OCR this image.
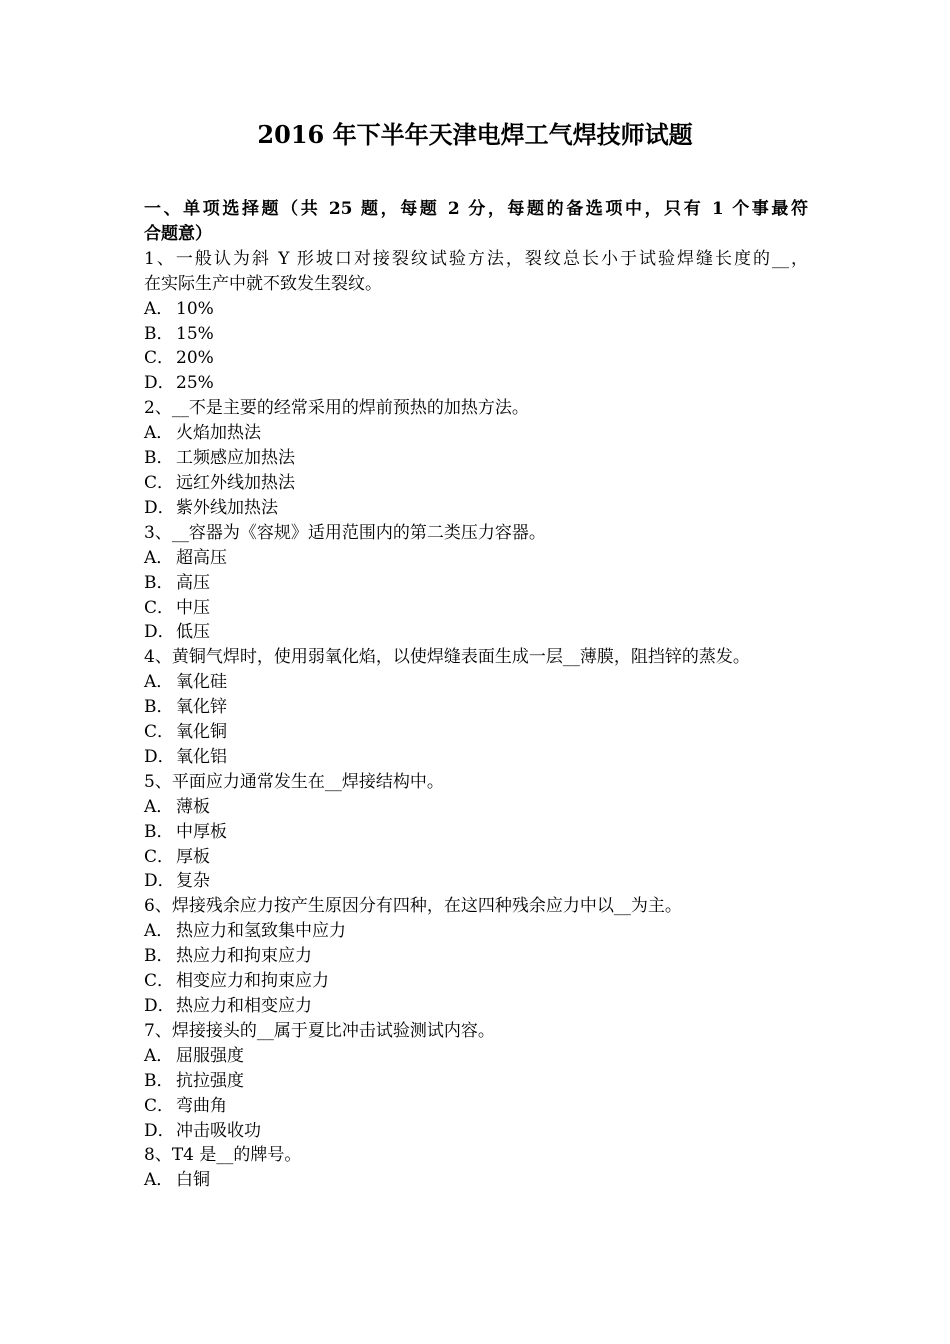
2016 年下半年天津电焊工气焊技师试题
一、单项选择题（共 25 题，每题 2 分，每题的备选项中，只有 1 个事最符
合题意）
1、一般认为斜 Y 形坡口对接裂纹试验方法，裂纹总长小于试验焊缝长度的__，
在实际生产中就不致发生裂纹。
A． 10%
B． 15%
C． 20%
D．25%
2、__不是主要的经常采用的焊前预热的加热方法。
A． 火焰加热法
B． 工频感应加热法
C． 远红外线加热法
D．紫外线加热法
3、__容器为《容规》适用范围内的第二类压力容器。
A． 超高压
B． 高压
C． 中压
D．低压
4、黄铜气焊时，使用弱氧化焰，以使焊缝表面生成一层__薄膜，阻挡锌的蒸发。
A． 氧化硅
B． 氧化锌
C． 氧化铜
D．氧化铝
5、平面应力通常发生在__焊接结构中。
A． 薄板
B． 中厚板
C． 厚板
D．复杂
6、焊接残余应力按产生原因分有四种，在这四种残余应力中以__为主。
A． 热应力和氢致集中应力
B． 热应力和拘束应力
C． 相变应力和拘束应力
D．热应力和相变应力
7、焊接接头的__属于夏比冲击试验测试内容。
A． 屈服强度
B． 抗拉强度
C． 弯曲角
D．冲击吸收功
8、T4 是__的牌号。
A． 白铜
